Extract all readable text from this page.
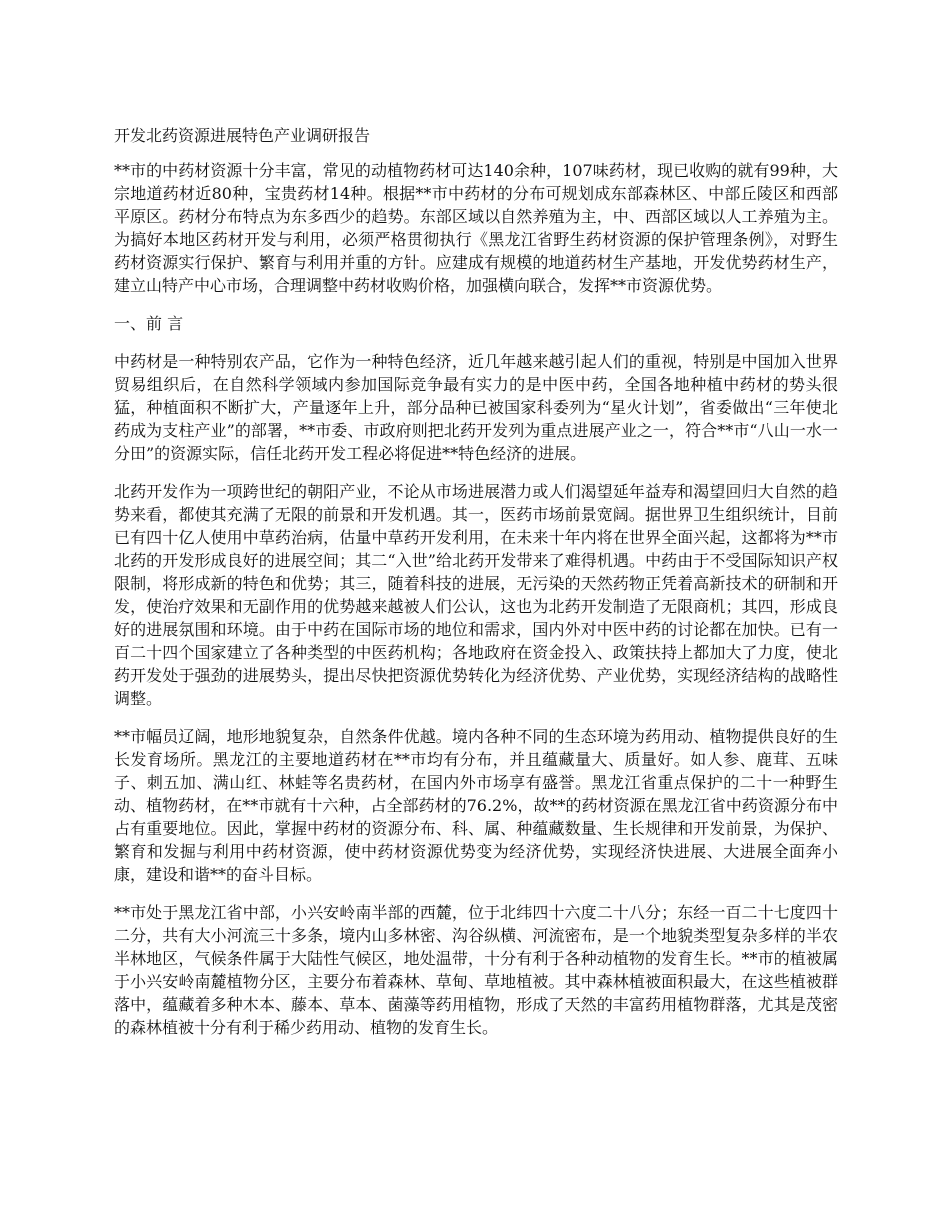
开发北药资源进展特色产业调研报告

**市的中药材资源十分丰富，常见的动植物药材可达140余种，107味药材，现已收购的就有99种，大宗地道药材近80种，宝贵药材14种。根据**市中药材的分布可规划成东部森林区、中部丘陵区和西部平原区。药材分布特点为东多西少的趋势。东部区域以自然养殖为主，中、西部区域以人工养殖为主。为搞好本地区药材开发与利用，必须严格贯彻执行《黑龙江省野生药材资源的保护管理条例》，对野生药材资源实行保护、繁育与利用并重的方针。应建成有规模的地道药材生产基地，开发优势药材生产，建立山特产中心市场，合理调整中药材收购价格，加强横向联合，发挥**市资源优势。

一、前 言

中药材是一种特别农产品，它作为一种特色经济，近几年越来越引起人们的重视，特别是中国加入世界贸易组织后，在自然科学领域内参加国际竞争最有实力的是中医中药，全国各地种植中药材的势头很猛，种植面积不断扩大，产量逐年上升，部分品种已被国家科委列为“星火计划”，省委做出“三年使北药成为支柱产业”的部署，**市委、市政府则把北药开发列为重点进展产业之一，符合**市“八山一水一分田”的资源实际，信任北药开发工程必将促进**特色经济的进展。

北药开发作为一项跨世纪的朝阳产业，不论从市场进展潜力或人们渴望延年益寿和渴望回归大自然的趋势来看，都使其充满了无限的前景和开发机遇。其一，医药市场前景宽阔。据世界卫生组织统计，目前已有四十亿人使用中草药治病，估量中草药开发利用，在未来十年内将在世界全面兴起，这都将为**市北药的开发形成良好的进展空间；其二“入世”给北药开发带来了难得机遇。中药由于不受国际知识产权限制，将形成新的特色和优势；其三，随着科技的进展，无污染的天然药物正凭着高新技术的研制和开发，使治疗效果和无副作用的优势越来越被人们公认，这也为北药开发制造了无限商机；其四，形成良好的进展氛围和环境。由于中药在国际市场的地位和需求，国内外对中医中药的讨论都在加快。已有一百二十四个国家建立了各种类型的中医药机构；各地政府在资金投入、政策扶持上都加大了力度，使北药开发处于强劲的进展势头，提出尽快把资源优势转化为经济优势、产业优势，实现经济结构的战略性调整。

**市幅员辽阔，地形地貌复杂，自然条件优越。境内各种不同的生态环境为药用动、植物提供良好的生长发育场所。黑龙江的主要地道药材在**市均有分布，并且蕴藏量大、质量好。如人参、鹿茸、五味子、刺五加、满山红、林蛙等名贵药材，在国内外市场享有盛誉。黑龙江省重点保护的二十一种野生动、植物药材，在**市就有十六种，占全部药材的76.2%，故**的药材资源在黑龙江省中药资源分布中占有重要地位。因此，掌握中药材的资源分布、科、属、种蕴藏数量、生长规律和开发前景，为保护、繁育和发掘与利用中药材资源，使中药材资源优势变为经济优势，实现经济快进展、大进展全面奔小康，建设和谐**的奋斗目标。

**市处于黑龙江省中部，小兴安岭南半部的西麓，位于北纬四十六度二十八分；东经一百二十七度四十二分，共有大小河流三十多条，境内山多林密、沟谷纵横、河流密布，是一个地貌类型复杂多样的半农半林地区，气候条件属于大陆性气候区，地处温带，十分有利于各种动植物的发育生长。**市的植被属于小兴安岭南麓植物分区，主要分布着森林、草甸、草地植被。其中森林植被面积最大，在这些植被群落中，蕴藏着多种木本、藤本、草本、菌藻等药用植物，形成了天然的丰富药用植物群落，尤其是茂密的森林植被十分有利于稀少药用动、植物的发育生长。
